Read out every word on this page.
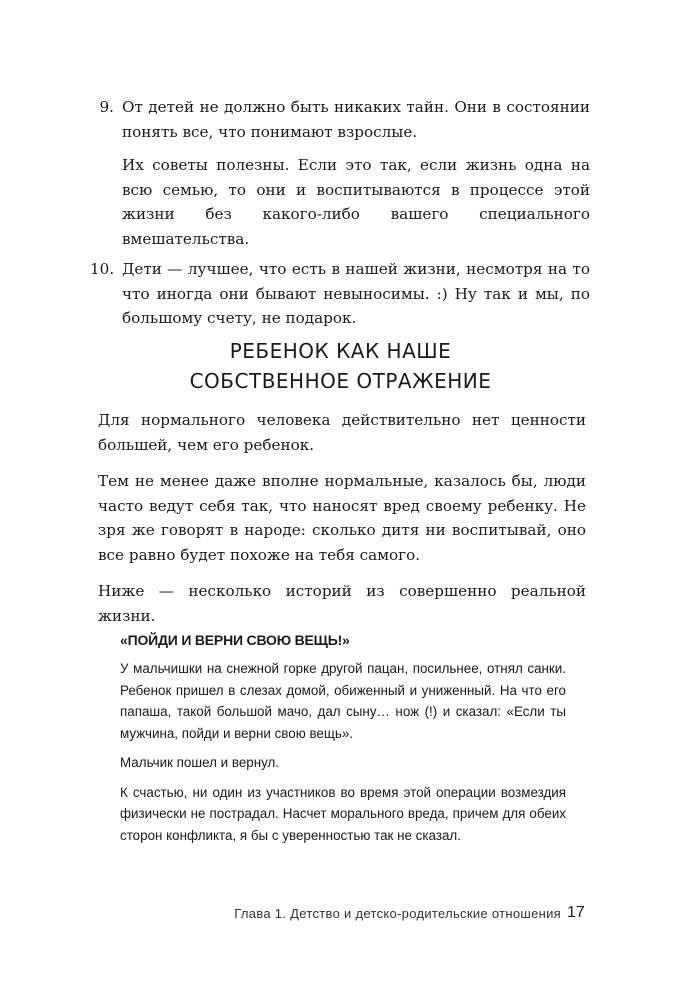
9. От детей не должно быть никаких тайн. Они в состоянии понять все, что понимают взрослые.

Их советы полезны. Если это так, если жизнь одна на всю семью, то они и воспитываются в процессе этой жизни без какого-либо вашего специального вмешательства.

10. Дети — лучшее, что есть в нашей жизни, несмотря на то что иногда они бывают невыносимы. :) Ну так и мы, по большому счету, не подарок.

РЕБЕНОК КАК НАШЕ
СОБСТВЕННОЕ ОТРАЖЕНИЕ

Для нормального человека действительно нет ценности большей, чем его ребенок.

Тем не менее даже вполне нормальные, казалось бы, люди часто ведут себя так, что наносят вред своему ребенку. Не зря же говорят в народе: сколько дитя ни воспитывай, оно все равно будет похоже на тебя самого.

Ниже — несколько историй из совершенно реальной жизни.

«ПОЙДИ И ВЕРНИ СВОЮ ВЕЩЬ!»

У мальчишки на снежной горке другой пацан, посильнее, отнял санки. Ребенок пришел в слезах домой, обиженный и униженный. На что его папаша, такой большой мачо, дал сыну… нож (!) и сказал: «Если ты мужчина, пойди и верни свою вещь».

Мальчик пошел и вернул.

К счастью, ни один из участников во время этой операции возмездия физически не пострадал. Насчет морального вреда, причем для обеих сторон конфликта, я бы с уверенностью так не сказал.

Глава 1. Детство и детско-родительские отношения 17
